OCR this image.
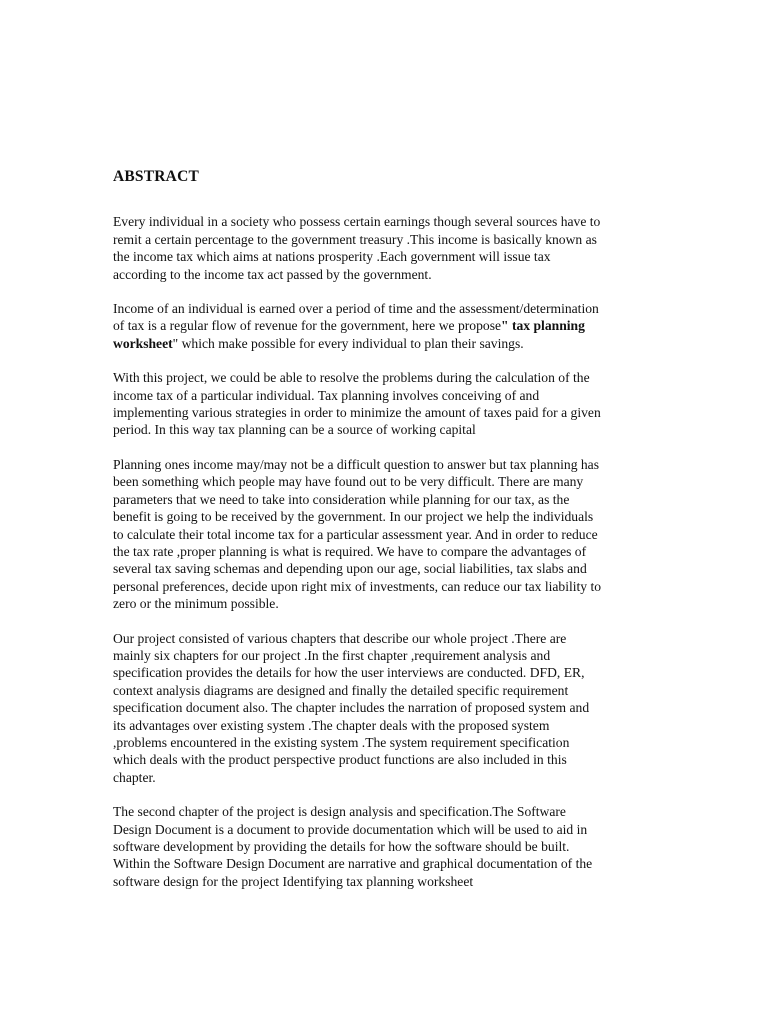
ABSTRACT
Every individual in a society who possess certain earnings though several sources have to
remit a certain percentage to the government treasury .This income is basically known as
the income tax which aims at nations prosperity .Each government will issue tax
according to the income tax act passed by the government.
Income of an individual is earned over a period of time and the assessment/determination
of tax is a regular flow of revenue for the government, here we propose" tax planning
worksheet" which make possible for every individual to plan their savings.
With this project, we could be able to resolve the problems during the calculation of the
income tax of a particular individual. Tax planning involves conceiving of and
implementing various strategies in order to minimize the amount of taxes paid for a given
period. In this way tax planning can be a source of working capital
Planning ones income may/may not be a difficult question to answer but tax planning has
been something which people may have found out to be very difficult. There are many
parameters that we need to take into consideration while planning for our tax, as the
benefit is going to be received by the government. In our project we help the individuals
to calculate their total income tax for a particular assessment year. And in order to reduce
the tax rate ,proper planning is what is required. We have to compare the advantages of
several tax saving schemas and depending upon our age, social liabilities, tax slabs and
personal preferences, decide upon right mix of investments, can reduce our tax liability to
zero or the minimum possible.
Our project consisted of various chapters that describe our whole project .There are
mainly six chapters for our project .In the first chapter ,requirement analysis and
specification provides the details for how the user interviews are conducted. DFD, ER,
context analysis diagrams are designed and finally the detailed specific requirement
specification document also. The chapter includes the narration of proposed system and
its advantages over existing system .The chapter deals with the proposed system
,problems encountered in the existing system .The system requirement specification
which deals with the product perspective product functions are also included in this
chapter.
The second chapter of the project is design analysis and specification.The Software
Design Document is a document to provide documentation which will be used to aid in
software development by providing the details for how the software should be built.
Within the Software Design Document are narrative and graphical documentation of the
software design for the project Identifying tax planning worksheet
